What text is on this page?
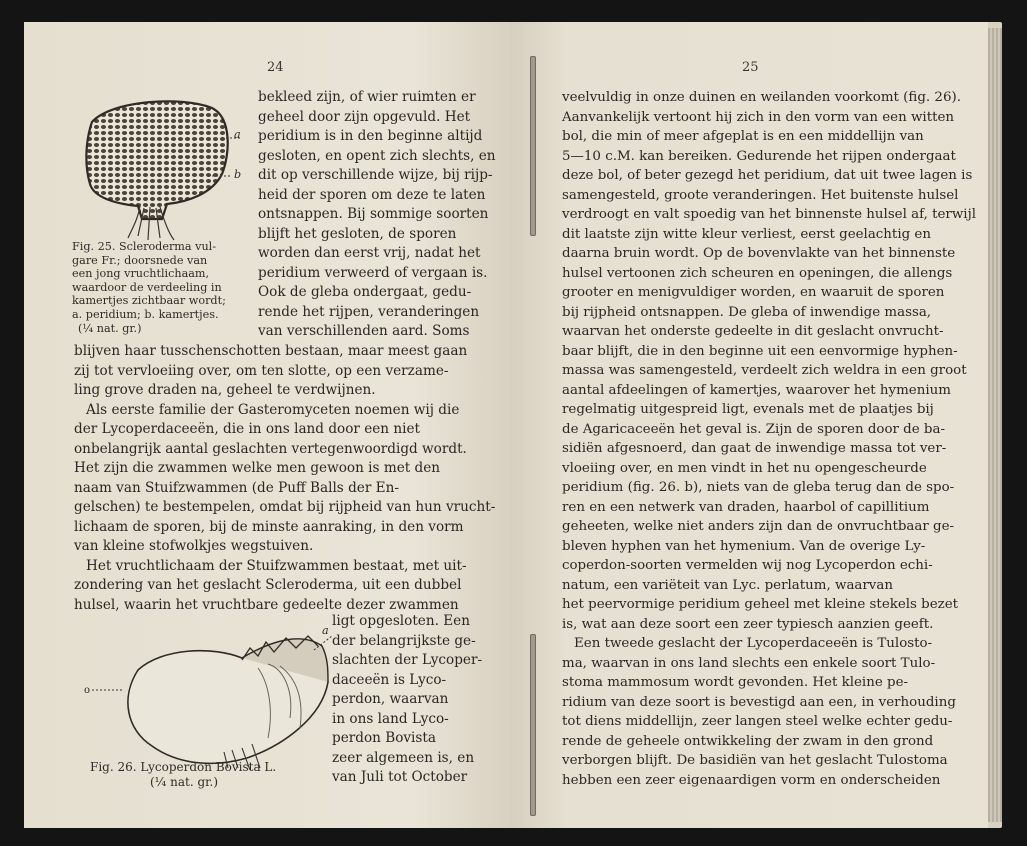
24
a
b
Fig. 25. Scleroderma vul-
gare Fr.; doorsnede van
een jong vruchtlichaam,
waardoor de verdeeling in
kamertjes zichtbaar wordt;
a. peridium; b. kamertjes.
(¼ nat. gr.)
bekleed zijn, of wier ruimten er
geheel door zijn opgevuld. Het
peridium is in den beginne altijd
gesloten, en opent zich slechts, en
dit op verschillende wijze, bij rijp-
heid der sporen om deze te laten
ontsnappen. Bij sommige soorten
blijft het gesloten, de sporen
worden dan eerst vrij, nadat het
peridium verweerd of vergaan is.
Ook de gleba ondergaat, gedu-
rende het rijpen, veranderingen
van verschillenden aard. Soms
blijven haar tusschenschotten bestaan, maar meest gaan
zij tot vervloeiing over, om ten slotte, op een verzame-
ling grove draden na, geheel te verdwijnen.
Als eerste familie der Gasteromyceten noemen wij die
der Lycoperdaceeën, die in ons land door een niet
onbelangrijk aantal geslachten vertegenwoordigd wordt.
Het zijn die zwammen welke men gewoon is met den
naam van Stuifzwammen (de Puff Balls der En-
gelschen) te bestempelen, omdat bij rijpheid van hun vrucht-
lichaam de sporen, bij de minste aanraking, in den vorm
van kleine stofwolkjes wegstuiven.
Het vruchtlichaam der Stuifzwammen bestaat, met uit-
zondering van het geslacht Scleroderma, uit een dubbel
hulsel, waarin het vruchtbare gedeelte dezer zwammen
o
a
Fig. 26. Lycoperdon Bovista L.
(¼ nat. gr.)
ligt opgesloten. Een
der belangrijkste ge-
slachten der Lycoper-
daceeën is Lyco-
perdon, waarvan
in ons land Lyco-
perdon Bovista
zeer algemeen is, en
van Juli tot October
25
veelvuldig in onze duinen en weilanden voorkomt (fig. 26).
Aanvankelijk vertoont hij zich in den vorm van een witten
bol, die min of meer afgeplat is en een middellijn van
5—10 c.M. kan bereiken. Gedurende het rijpen ondergaat
deze bol, of beter gezegd het peridium, dat uit twee lagen is
samengesteld, groote veranderingen. Het buitenste hulsel
verdroogt en valt spoedig van het binnenste hulsel af, terwijl
dit laatste zijn witte kleur verliest, eerst geelachtig en
daarna bruin wordt. Op de bovenvlakte van het binnenste
hulsel vertoonen zich scheuren en openingen, die allengs
grooter en menigvuldiger worden, en waaruit de sporen
bij rijpheid ontsnappen. De gleba of inwendige massa,
waarvan het onderste gedeelte in dit geslacht onvrucht-
baar blijft, die in den beginne uit een eenvormige hyphen-
massa was samengesteld, verdeelt zich weldra in een groot
aantal afdeelingen of kamertjes, waarover het hymenium
regelmatig uitgespreid ligt, evenals met de plaatjes bij
de Agaricaceeën het geval is. Zijn de sporen door de ba-
sidiën afgesnoerd, dan gaat de inwendige massa tot ver-
vloeiing over, en men vindt in het nu opengescheurde
peridium (fig. 26. b), niets van de gleba terug dan de spo-
ren en een netwerk van draden, haarbol of capillitium
geheeten, welke niet anders zijn dan de onvruchtbaar ge-
bleven hyphen van het hymenium. Van de overige Ly-
coperdon-soorten vermelden wij nog Lycoperdon echi-
natum, een variëteit van Lyc. perlatum, waarvan
het peervormige peridium geheel met kleine stekels bezet
is, wat aan deze soort een zeer typiesch aanzien geeft.
Een tweede geslacht der Lycoperdaceeën is Tulosto-
ma, waarvan in ons land slechts een enkele soort Tulo-
stoma mammosum wordt gevonden. Het kleine pe-
ridium van deze soort is bevestigd aan een, in verhouding
tot diens middellijn, zeer langen steel welke echter gedu-
rende de geheele ontwikkeling der zwam in den grond
verborgen blijft. De basidiën van het geslacht Tulostoma
hebben een zeer eigenaardigen vorm en onderscheiden
